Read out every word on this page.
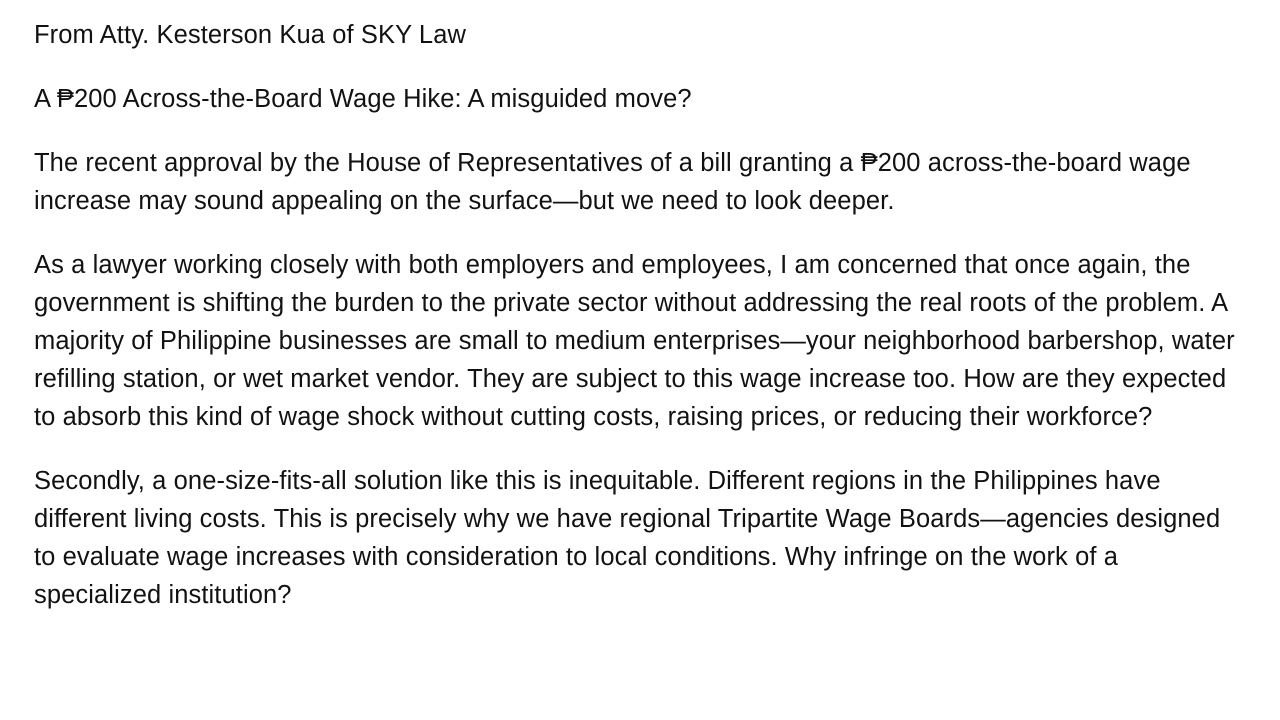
From Atty. Kesterson Kua of SKY Law

A ₱200 Across-the-Board Wage Hike: A misguided move?

The recent approval by the House of Representatives of a bill granting a ₱200 across-the-board wage increase may sound appealing on the surface—but we need to look deeper.

As a lawyer working closely with both employers and employees, I am concerned that once again, the government is shifting the burden to the private sector without addressing the real roots of the problem. A majority of Philippine businesses are small to medium enterprises—your neighborhood barbershop, water refilling station, or wet market vendor. They are subject to this wage increase too. How are they expected to absorb this kind of wage shock without cutting costs, raising prices, or reducing their workforce?

Secondly, a one-size-fits-all solution like this is inequitable. Different regions in the Philippines have different living costs. This is precisely why we have regional Tripartite Wage Boards—agencies designed to evaluate wage increases with consideration to local conditions. Why infringe on the work of a specialized institution?
